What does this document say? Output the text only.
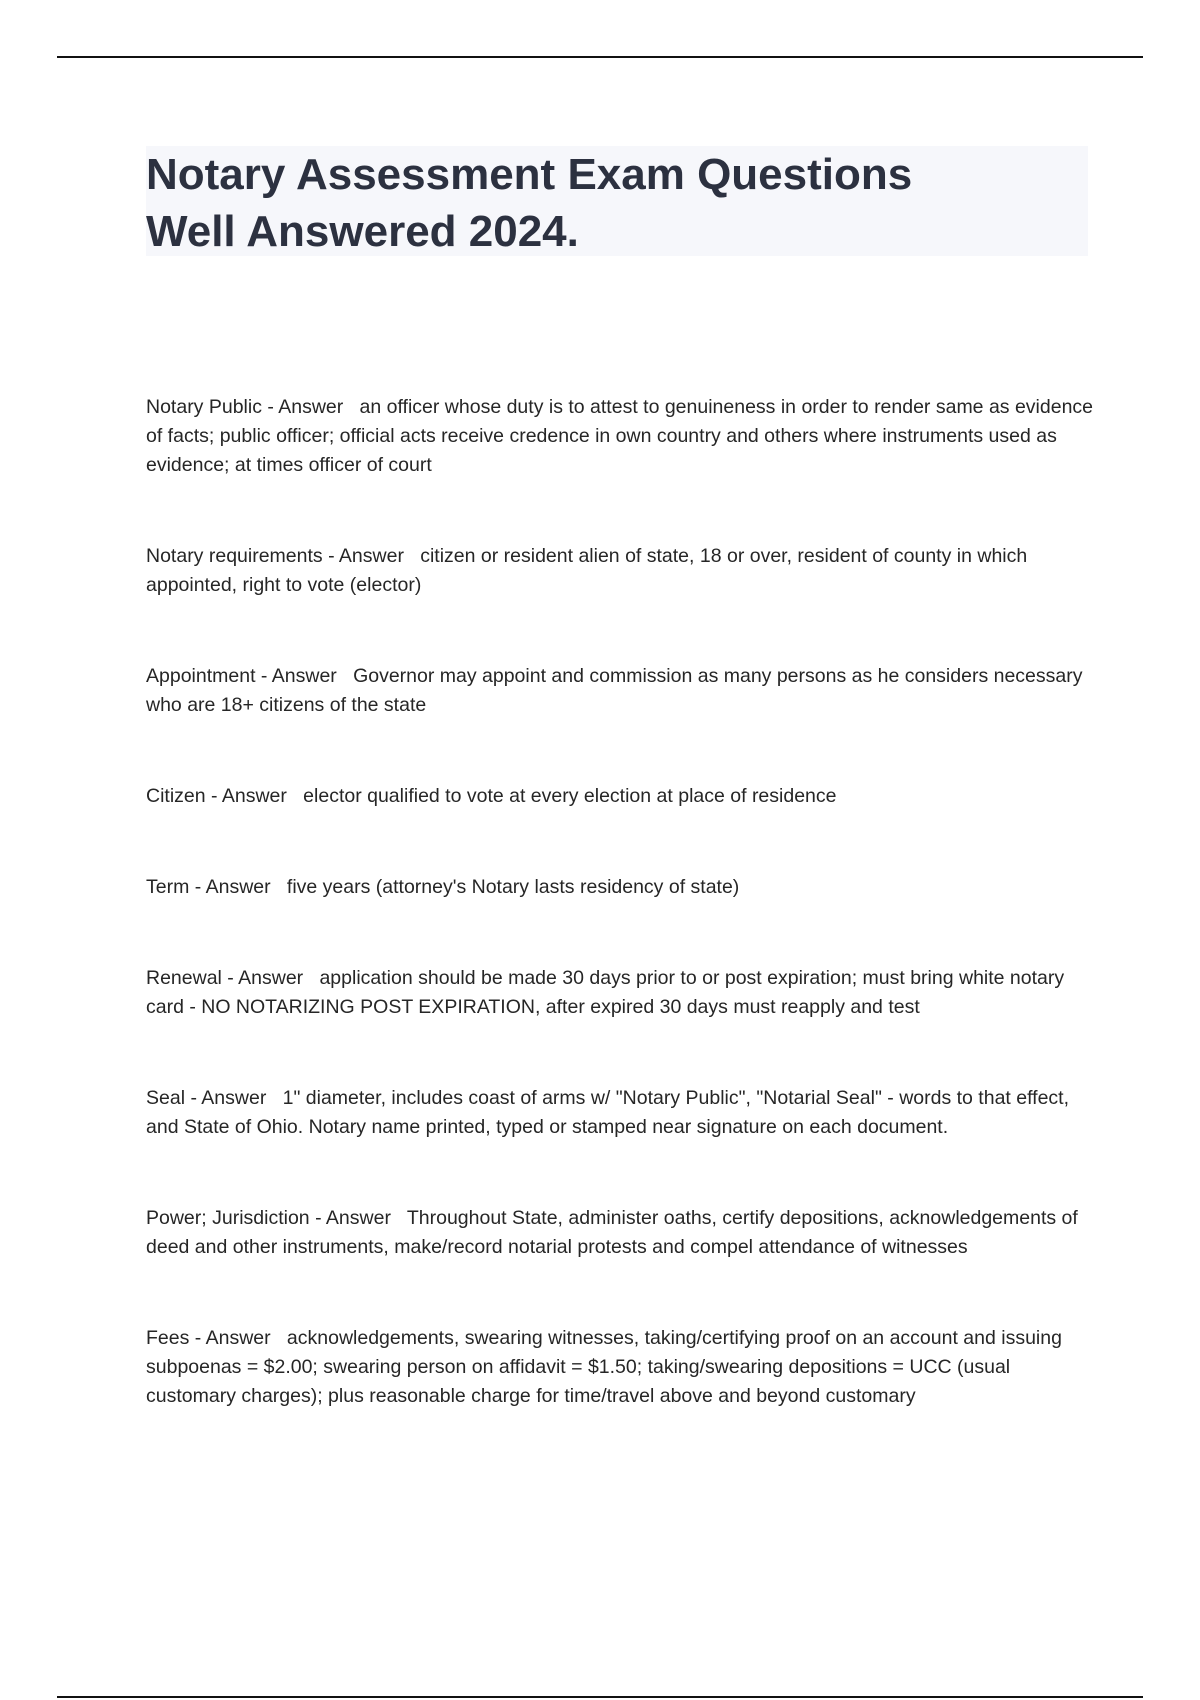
Notary Assessment Exam Questions
Well Answered 2024.

Notary Public - Answer an officer whose duty is to attest to genuineness in order to render same as evidence of facts; public officer; official acts receive credence in own country and others where instruments used as evidence; at times officer of court

Notary requirements - Answer citizen or resident alien of state, 18 or over, resident of county in which appointed, right to vote (elector)

Appointment - Answer Governor may appoint and commission as many persons as he considers necessary who are 18+ citizens of the state

Citizen - Answer elector qualified to vote at every election at place of residence

Term - Answer five years (attorney's Notary lasts residency of state)

Renewal - Answer application should be made 30 days prior to or post expiration; must bring white notary card - NO NOTARIZING POST EXPIRATION, after expired 30 days must reapply and test

Seal - Answer 1" diameter, includes coast of arms w/ "Notary Public", "Notarial Seal" - words to that effect, and State of Ohio. Notary name printed, typed or stamped near signature on each document.

Power; Jurisdiction - Answer Throughout State, administer oaths, certify depositions, acknowledgements of deed and other instruments, make/record notarial protests and compel attendance of witnesses

Fees - Answer acknowledgements, swearing witnesses, taking/certifying proof on an account and issuing subpoenas = $2.00; swearing person on affidavit = $1.50; taking/swearing depositions = UCC (usual customary charges); plus reasonable charge for time/travel above and beyond customary
